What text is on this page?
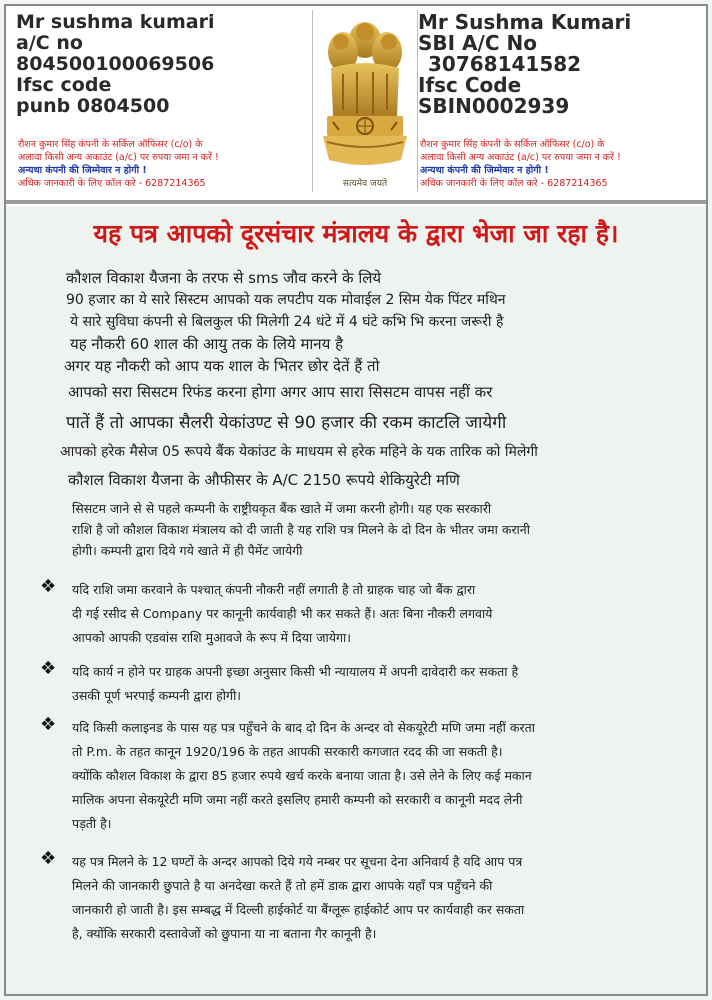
Mr sushma kumari
a/C no
804500100069506
Ifsc code
punb 0804500
रौशन कुमार सिंह कंपनी के सर्किल ऑफिसर (c/o) के
अलावा किसी अन्य अकाउंट (a/c) पर रुपया जमा न करें !
अन्यथा कंपनी की जिम्मेवार न होगी !
अधिक जानकारी के लिए कॉल करे - 6287214365	सत्यमेव जयते
Mr Sushma Kumari
SBI A/C No
30768141582
Ifsc Code
SBIN0002939
रौशन कुमार सिंह कंपनी के सर्किल ऑफिसर (c/o) के
अलावा किसी अन्य अकाउंट (a/c) पर रुपया जमा न करें !
अन्यथा कंपनी की जिम्मेवार न होगी !
अधिक जानकारी के लिए कॉल करे - 6287214365
यह पत्र आपको दूरसंचार मंत्रालय के द्वारा भेजा जा रहा है।
कौशल विकाश यैजना के तरफ से sms जौव करने के लिये
90 हजार का ये सारे सिस्टम आपको यक लपटीप यक मोवाईल 2 सिम येक पिंटर मथिन
ये सारे सुविघा कंपनी से बिलकुल फी मिलेगी 24 धंटे में 4 घंटे कभि भि करना जरूरी है
यह नौकरी 60 शाल की आयु तक के लिये मानय है
अगर यह नौकरी को आप यक शाल के भितर छोर देतें हैं तो
आपको सरा सिसटम रिफंड करना होगा अगर आप सारा सिसटम वापस नहीं कर
पातें हैं तो आपका सैलरी येकांउण्ट से 90 हजार की रकम काटलि जायेगी
आपको हरेक मैसेज 05 रूपये बैंक येकांउट के माधयम से हरेक महिने के यक तारिक को मिलेगी
कौशल विकाश यैजना के औफीसर के A/C 2150 रूपये शेकियुरेटी मणि
सिसटम जाने से से पहले कम्पनी के राष्ट्रीयकृत बैंक खाते में जमा करनी होगी। यह एक सरकारी
राशि है जो कौशल विकाश मंत्रालय को दी जाती है यह राशि पत्र मिलने के दो दिन के भीतर जमा करानी
होगी। कम्पनी द्वारा दिये गये खाते में ही पैमेंट जायेगी
❖ यदि राशि जमा करवाने के पश्चात् कंपनी नौकरी नहीं लगाती है तो ग्राहक चाह जो बैंक द्वारा
दी गई रसीद से Company पर कानूनी कार्यवाही भी कर सकते हैं। अतः बिना नौकरी लगवाये
आपको आपकी एडवांस राशि मुआवजे के रूप में दिया जायेगा।
❖ यदि कार्य न होने पर ग्राहक अपनी इच्छा अनुसार किसी भी न्यायालय में अपनी दावेदारी कर सकता है
उसकी पूर्ण भरपाई कम्पनी द्वारा होगी।
❖ यदि किसी कलाइनड के पास यह पत्र पहुँचने के बाद दो दिन के अन्दर वो सेकयूरेटी मणि जमा नहीं करता
तो P.m. के तहत कानून 1920/196 के तहत आपकी सरकारी कगजात रदद की जा सकती है।
क्योंकि कौशल विकाश के द्वारा 85 हजार रुपये खर्च करके बनाया जाता है। उसे लेने के लिए कई मकान
मालिक अपना सेकयूरेटी मणि जमा नहीं करते इसलिए हमारी कम्पनी को सरकारी व कानूनी मदद लेनी
पड़ती है।
❖ यह पत्र मिलने के 12 घण्टों के अन्दर आपको दिये गये नम्बर पर सूचना देना अनिवार्य है यदि आप पत्र
मिलने की जानकारी छुपाते है या अनदेखा करते हैं तो हमें डाक द्वारा आपके यहाँ पत्र पहुँचने की
जानकारी हो जाती है। इस सम्बद्ध में दिल्ली हाईकोर्ट या बैंग्लूरू हाईकोर्ट आप पर कार्यवाही कर सकता
है, क्योंकि सरकारी दस्तावेजों को छुपाना या ना बताना गैर कानूनी है।
